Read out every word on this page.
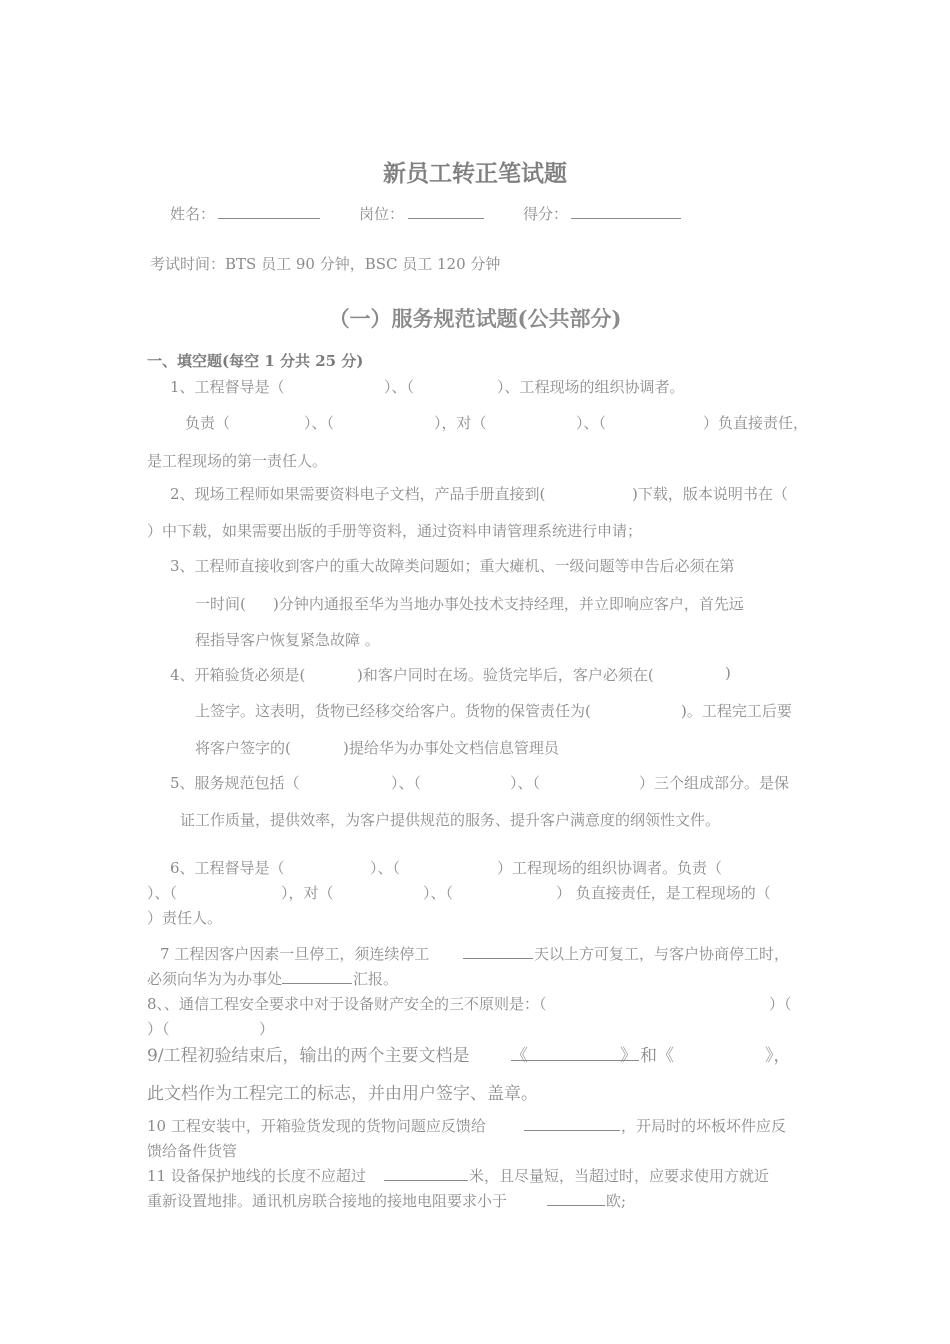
新员工转正笔试题
姓名：	岗位：	得分：
考试时间：BTS 员工 90 分钟，BSC 员工 120 分钟
（一）服务规范试题(公共部分)
一、填空题(每空 1 分共 25 分)
1、工程督导是（	）、（	）、工程现场的组织协调者。
负责（	）、（	），对（	）、（	）负直接责任，
是工程现场的第一责任人。
2、现场工程师如果需要资料电子文档，产品手册直接到(	)下载，版本说明书在（
）中下载，如果需要出版的手册等资料，通过资料申请管理系统进行申请；
3、工程师直接收到客户的重大故障类问题如；重大瘫机、一级问题等申告后必须在第
一时间( )分钟内通报至华为当地办事处技术支持经理，并立即响应客户，首先远
程指导客户恢复紧急故障 。
4、开箱验货必须是(	)和客户同时在场。验货完毕后，客户必须在(	)
上签字。这表明，货物已经移交给客户。货物的保管责任为(	)。工程完工后要
将客户签字的(	)提给华为办事处文档信息管理员
5、服务规范包括（	）、（	）、（	）三个组成部分。是保
证工作质量，提供效率，为客户提供规范的服务、提升客户满意度的纲领性文件。
6、工程督导是（	）、（	）工程现场的组织协调者。负责（
）、（	），对（	）、（	） 负直接责任，是工程现场的（
）责任人。
7 工程因客户因素一旦停工，须连续停工	天以上方可复工，与客户协商停工时，
必须向华为为办事处	汇报。
8、、通信工程安全要求中对于设备财产安全的三不原则是：（	）（
）（	）
9/工程初验结束后，输出的两个主要文档是 《	》 和《	》，
此文档作为工程完工的标志，并由用户签字、盖章。
10 工程安装中，开箱验货发现的货物问题应反馈给	，开局时的坏板坏件应反
馈给备件货管
11 设备保护地线的长度不应超过	米，且尽量短，当超过时，应要求使用方就近
重新设置地排。通讯机房联合接地的接地电阻要求小于	欧;
